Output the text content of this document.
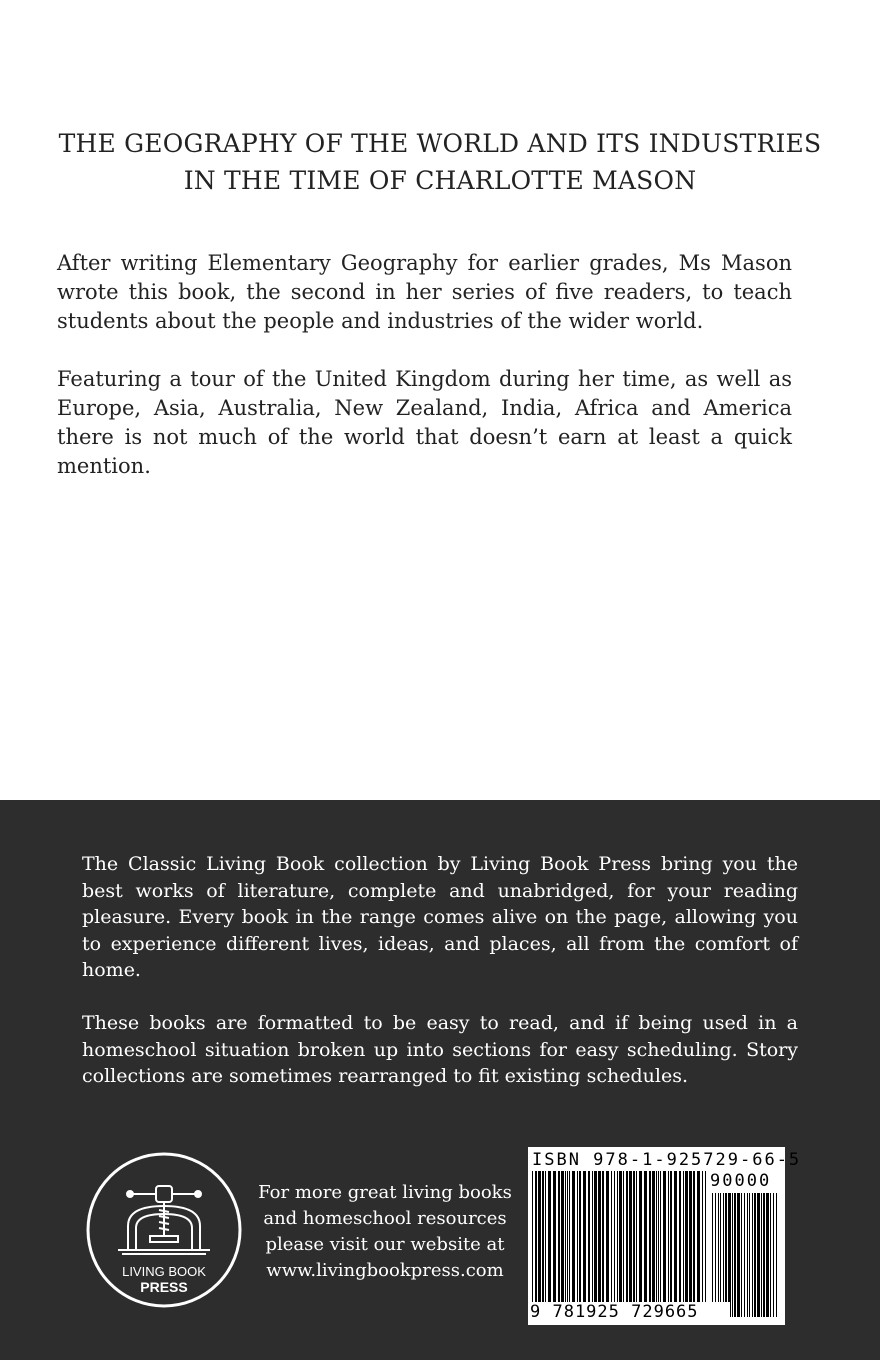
THE GEOGRAPHY OF THE WORLD AND ITS INDUSTRIES IN THE TIME OF CHARLOTTE MASON

After writing Elementary Geography for earlier grades, Ms Mason wrote this book, the second in her series of five readers, to teach students about the people and industries of the wider world.

Featuring a tour of the United Kingdom during her time, as well as Europe, Asia, Australia, New Zealand, India, Africa and America there is not much of the world that doesn’t earn at least a quick mention.

The Classic Living Book collection by Living Book Press bring you the best works of literature, complete and unabridged, for your reading pleasure. Every book in the range comes alive on the page, allowing you to experience different lives, ideas, and places, all from the comfort of home.

These books are formatted to be easy to read, and if being used in a homeschool situation broken up into sections for easy scheduling. Story collections are sometimes rearranged to fit existing schedules.

LIVING BOOK
PRESS
For more great living books
and homeschool resources
please visit our website at
www.livingbookpress.com
ISBN 978-1-925729-66-5
90000
9 781925 729665
